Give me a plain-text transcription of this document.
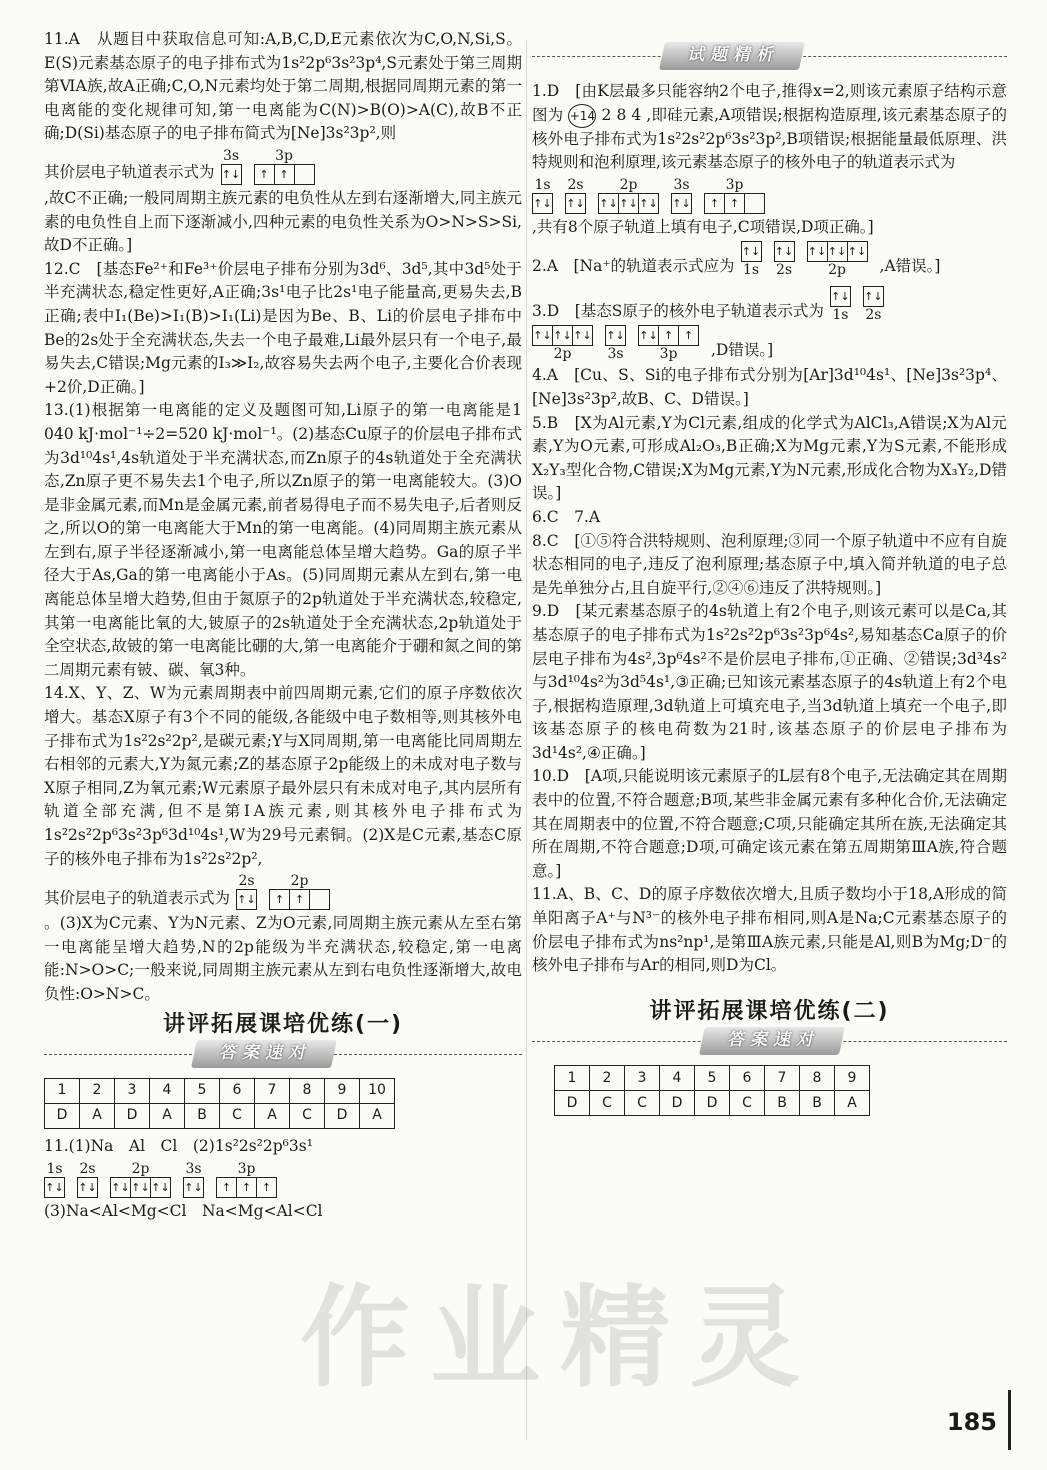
11.A　从题目中获取信息可知:A,B,C,D,E元素依次为C,O,N,Si,S。E(S)元素基态原子的电子排布式为1s²2p⁶3s²3p⁴,S元素处于第三周期第ⅥA族,故A正确;C,O,N元素均处于第二周期,根据同周期元素的第一电离能的变化规律可知,第一电离能为C(N)>B(O)>A(C),故B不正确;D(Si)基态原子的电子排布简式为[Ne]3s²3p²,则

其价层电子轨道表示式为
3s
↑↓
3p
↑ ↑

,故C不正确;一般同周期主族元素的电负性从左到右逐渐增大,同主族元素的电负性自上而下逐渐减小,四种元素的电负性关系为O>N>S>Si,故D不正确。]

12.C　[基态Fe²⁺和Fe³⁺价层电子排布分别为3d⁶、3d⁵,其中3d⁵处于半充满状态,稳定性更好,A正确;3s¹电子比2s¹电子能量高,更易失去,B正确;表中I₁(Be)>I₁(B)>I₁(Li)是因为Be、B、Li的价层电子排布中Be的2s处于全充满状态,失去一个电子最难,Li最外层只有一个电子,最易失去,C错误;Mg元素的I₃≫I₂,故容易失去两个电子,主要化合价表现+2价,D正确。]

13.(1)根据第一电离能的定义及题图可知,Li原子的第一电离能是1 040 kJ·mol⁻¹÷2=520 kJ·mol⁻¹。(2)基态Cu原子的价层电子排布式为3d¹⁰4s¹,4s轨道处于半充满状态,而Zn原子的4s轨道处于全充满状态,Zn原子更不易失去1个电子,所以Zn原子的第一电离能较大。(3)O是非金属元素,而Mn是金属元素,前者易得电子而不易失电子,后者则反之,所以O的第一电离能大于Mn的第一电离能。(4)同周期主族元素从左到右,原子半径逐渐减小,第一电离能总体呈增大趋势。Ga的原子半径大于As,Ga的第一电离能小于As。(5)同周期元素从左到右,第一电离能总体呈增大趋势,但由于氮原子的2p轨道处于半充满状态,较稳定,其第一电离能比氧的大,铍原子的2s轨道处于全充满状态,2p轨道处于全空状态,故铍的第一电离能比硼的大,第一电离能介于硼和氮之间的第二周期元素有铍、碳、氧3种。

14.X、Y、Z、W为元素周期表中前四周期元素,它们的原子序数依次增大。基态X原子有3个不同的能级,各能级中电子数相等,则其核外电子排布式为1s²2s²2p²,是碳元素;Y与X同周期,第一电离能比同周期左右相邻的元素大,Y为氮元素;Z的基态原子2p能级上的未成对电子数与X原子相同,Z为氧元素;W元素原子最外层只有未成对电子,其内层所有轨道全部充满,但不是第ⅠA族元素,则其核外电子排布式为1s²2s²2p⁶3s²3p⁶3d¹⁰4s¹,W为29号元素铜。(2)X是C元素,基态C原子的核外电子排布为1s²2s²2p²,

其价层电子的轨道表示式为
2s
↑↓
2p
↑ ↑

。(3)X为C元素、Y为N元素、Z为O元素,同周期主族元素从左至右第一电离能呈增大趋势,N的2p能级为半充满状态,较稳定,第一电离能:N>O>C;一般来说,同周期主族元素从左到右电负性逐渐增大,故电负性:O>N>C。

讲评拓展课培优练(一)
答案速对
1	2	3	4	5	6	7	8	9	10
D	A	D	A	B	C	A	C	D	A

11.(1)Na　Al　Cl　(2)1s²2s²2p⁶3s¹

1s
↑↓
2s
↑↓
2p
↑↓ ↑↓ ↑↓
3s
↑↓
3p
↑ ↑ ↑

(3)Na<Al<Mg<Cl　Na<Mg<Al<Cl

试题精析

1.D　[由K层最多只能容纳2个电子,推得x=2,则该元素原子结构示意图为 +14 2 8 4 ,即硅元素,A项错误;根据构造原理,该元素基态原子的核外电子排布式为1s²2s²2p⁶3s²3p²,B项错误;根据能量最低原理、洪特规则和泡利原理,该元素基态原子的核外电子的轨道表示式为

1s
↑↓
2s
↑↓
2p
↑↓ ↑↓ ↑↓
3s
↑↓
3p
↑ ↑

,共有8个原子轨道上填有电子,C项错误,D项正确。]

2.A　[Na⁺的轨道表示式应为
↑↓
1s
↑↓
2s
↑↓ ↑↓ ↑↓
2p ,A错误。]
3.D　[基态S原子的核外电子轨道表示式为
↑↓
1s
↑↓
2s
↑↓ ↑↓ ↑↓
2p
↑↓
3s
↑↓ ↑ ↑
3p ,D错误。]

4.A　[Cu、S、Si的电子排布式分别为[Ar]3d¹⁰4s¹、[Ne]3s²3p⁴、[Ne]3s²3p²,故B、C、D错误。]

5.B　[X为Al元素,Y为Cl元素,组成的化学式为AlCl₃,A错误;X为Al元素,Y为O元素,可形成Al₂O₃,B正确;X为Mg元素,Y为S元素,不能形成X₂Y₃型化合物,C错误;X为Mg元素,Y为N元素,形成化合物为X₃Y₂,D错误。]

6.C　7.A

8.C　[①⑤符合洪特规则、泡利原理;③同一个原子轨道中不应有自旋状态相同的电子,违反了泡利原理;基态原子中,填入简并轨道的电子总是先单独分占,且自旋平行,②④⑥违反了洪特规则。]

9.D　[某元素基态原子的4s轨道上有2个电子,则该元素可以是Ca,其基态原子的电子排布式为1s²2s²2p⁶3s²3p⁶4s²,易知基态Ca原子的价层电子排布为4s²,3p⁶4s²不是价层电子排布,①正确、②错误;3d³4s²与3d¹⁰4s²为3d⁵4s¹,③正确;已知该元素基态原子的4s轨道上有2个电子,根据构造原理,3d轨道上可填充电子,当3d轨道上填充一个电子,即该基态原子的核电荷数为21时,该基态原子的价层电子排布为3d¹4s²,④正确。]

10.D　[A项,只能说明该元素原子的L层有8个电子,无法确定其在周期表中的位置,不符合题意;B项,某些非金属元素有多种化合价,无法确定其在周期表中的位置,不符合题意;C项,只能确定其所在族,无法确定其所在周期,不符合题意;D项,可确定该元素在第五周期第ⅢA族,符合题意。]

11.A、B、C、D的原子序数依次增大,且质子数均小于18,A形成的简单阳离子A⁺与N³⁻的核外电子排布相同,则A是Na;C元素基态原子的价层电子排布式为ns²np¹,是第ⅢA族元素,只能是Al,则B为Mg;D⁻的核外电子排布与Ar的相同,则D为Cl。

讲评拓展课培优练(二)
答案速对
1	2	3	4	5	6	7	8	9
D	C	C	D	D	C	B	B	A
作业精灵
185
